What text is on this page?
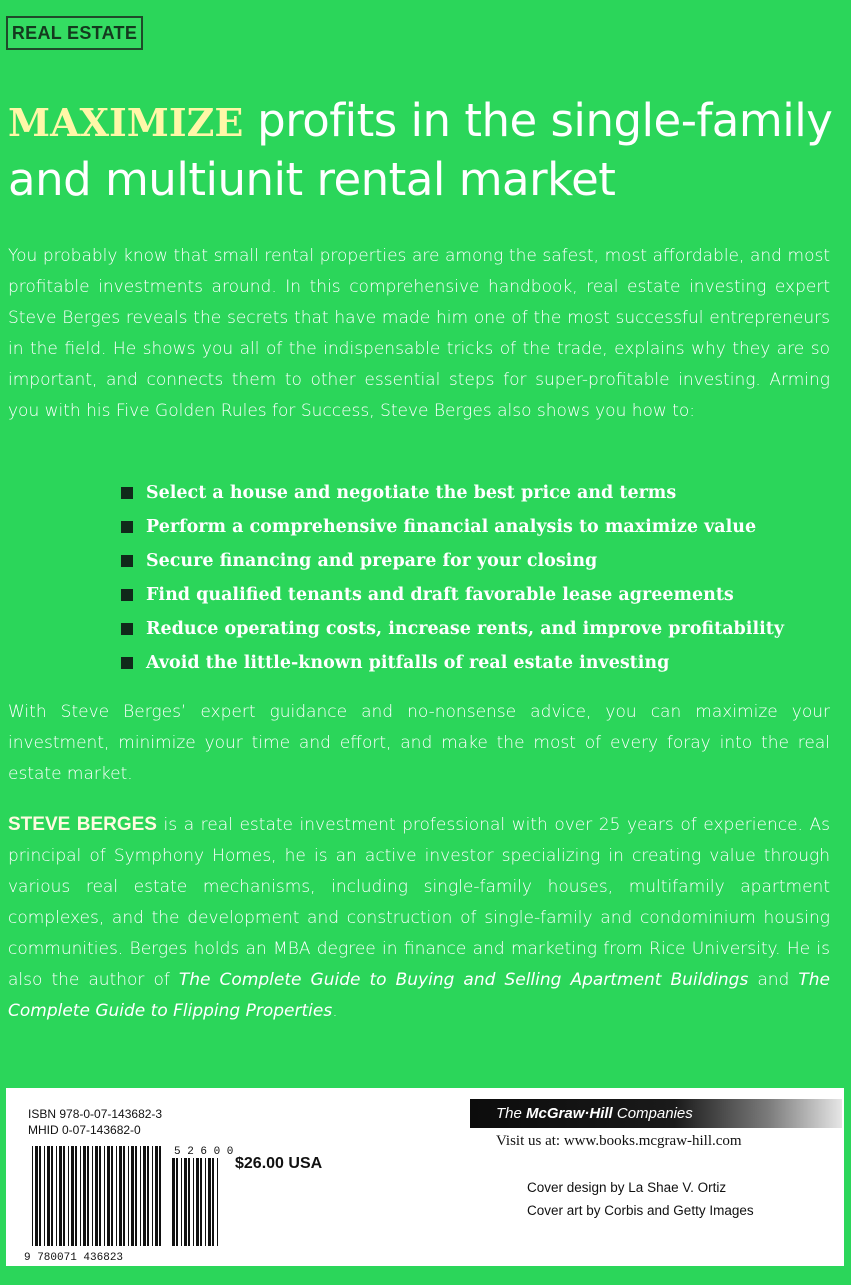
REAL ESTATE
MAXIMIZE profits in the single-family and multiunit rental market

You probably know that small rental properties are among the safest, most affordable, and most profitable investments around. In this comprehensive handbook, real estate investing expert Steve Berges reveals the secrets that have made him one of the most successful entrepreneurs in the field. He shows you all of the indispensable tricks of the trade, explains why they are so important, and connects them to other essential steps for super-profitable investing. Arming you with his Five Golden Rules for Success, Steve Berges also shows you how to:

Select a house and negotiate the best price and terms
Perform a comprehensive financial analysis to maximize value
Secure financing and prepare for your closing
Find qualified tenants and draft favorable lease agreements
Reduce operating costs, increase rents, and improve profitability
Avoid the little-known pitfalls of real estate investing

With Steve Berges’ expert guidance and no-nonsense advice, you can maximize your investment, minimize your time and effort, and make the most of every foray into the real estate market.

STEVE BERGES is a real estate investment professional with over 25 years of experience. As principal of Symphony Homes, he is an active investor specializing in creating value through various real estate mechanisms, including single-family houses, multifamily apartment complexes, and the development and construction of single-family and condominium housing communities. Berges holds an MBA degree in finance and marketing from Rice University. He is also the author of The Complete Guide to Buying and Selling Apartment Buildings and The Complete Guide to Flipping Properties.

ISBN 978-0-07-143682-3
MHID 0-07-143682-0
5 2 6 0 0
9 780071 436823
$26.00 USA
The McGraw·Hill Companies
Visit us at: www.books.mcgraw-hill.com
Cover design by La Shae V. Ortiz
Cover art by Corbis and Getty Images
